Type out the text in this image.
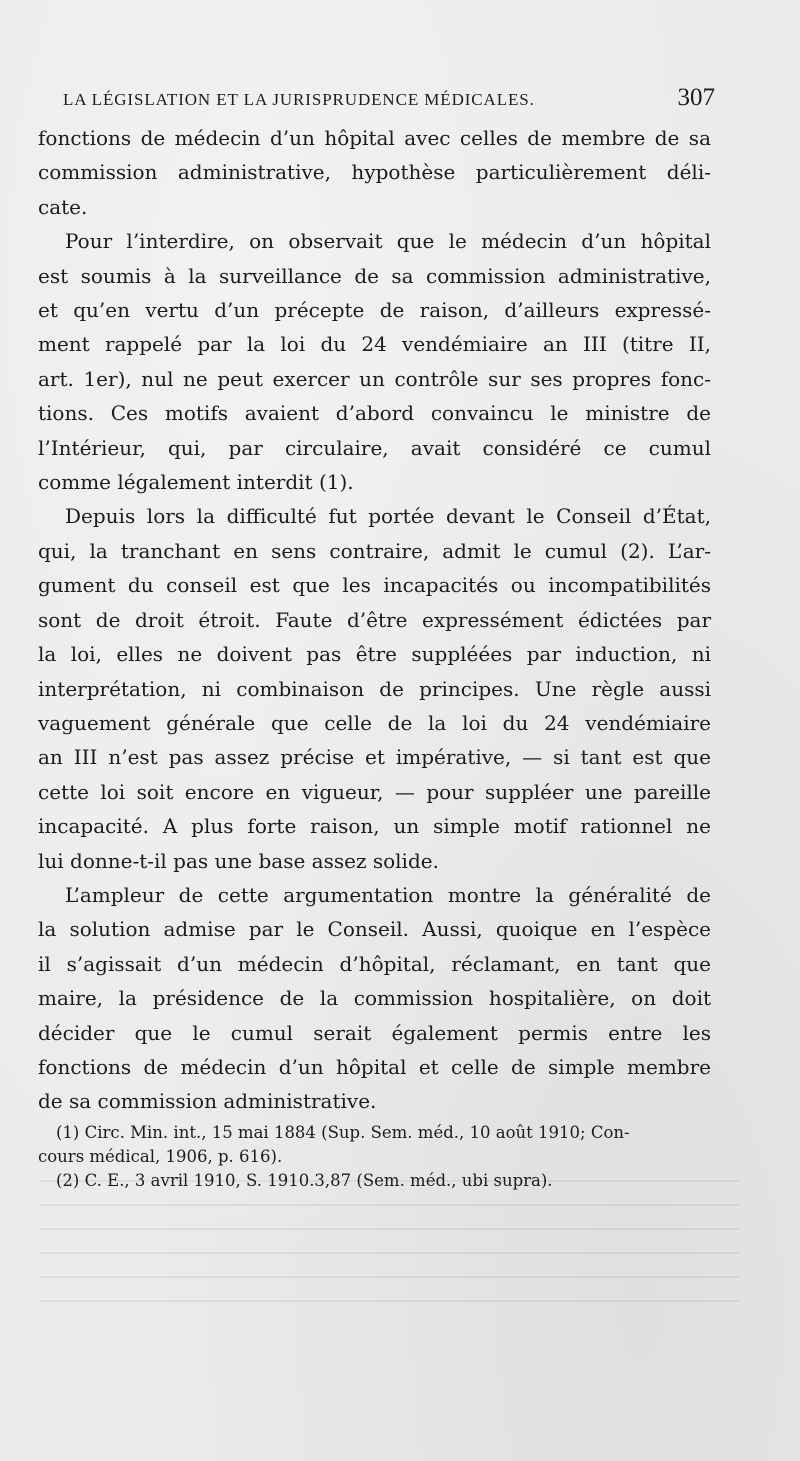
LA LÉGISLATION ET LA JURISPRUDENCE MÉDICALES.	307

fonctions de médecin d’un hôpital avec celles de membre de sa
commission administrative, hypothèse particulièrement déli-
cate.

Pour l’interdire, on observait que le médecin d’un hôpital
est soumis à la surveillance de sa commission administrative,
et qu’en vertu d’un précepte de raison, d’ailleurs expressé-
ment rappelé par la loi du 24 vendémiaire an III (titre II,
art. 1er), nul ne peut exercer un contrôle sur ses propres fonc-
tions. Ces motifs avaient d’abord convaincu le ministre de
l’Intérieur, qui, par circulaire, avait considéré ce cumul
comme légalement interdit (1).

Depuis lors la difficulté fut portée devant le Conseil d’État,
qui, la tranchant en sens contraire, admit le cumul (2). L’ar-
gument du conseil est que les incapacités ou incompatibilités
sont de droit étroit. Faute d’être expressément édictées par
la loi, elles ne doivent pas être suppléées par induction, ni
interprétation, ni combinaison de principes. Une règle aussi
vaguement générale que celle de la loi du 24 vendémiaire
an III n’est pas assez précise et impérative, — si tant est que
cette loi soit encore en vigueur, — pour suppléer une pareille
incapacité. A plus forte raison, un simple motif rationnel ne
lui donne-t-il pas une base assez solide.

L’ampleur de cette argumentation montre la généralité de
la solution admise par le Conseil. Aussi, quoique en l’espèce
il s’agissait d’un médecin d’hôpital, réclamant, en tant que
maire, la présidence de la commission hospitalière, on doit
décider que le cumul serait également permis entre les
fonctions de médecin d’un hôpital et celle de simple membre
de sa commission administrative.

(1) Circ. Min. int., 15 mai 1884 (Sup. Sem. méd., 10 août 1910; Con-
cours médical, 1906, p. 616).
(2) C. E., 3 avril 1910, S. 1910.3,87 (Sem. méd., ubi supra).
